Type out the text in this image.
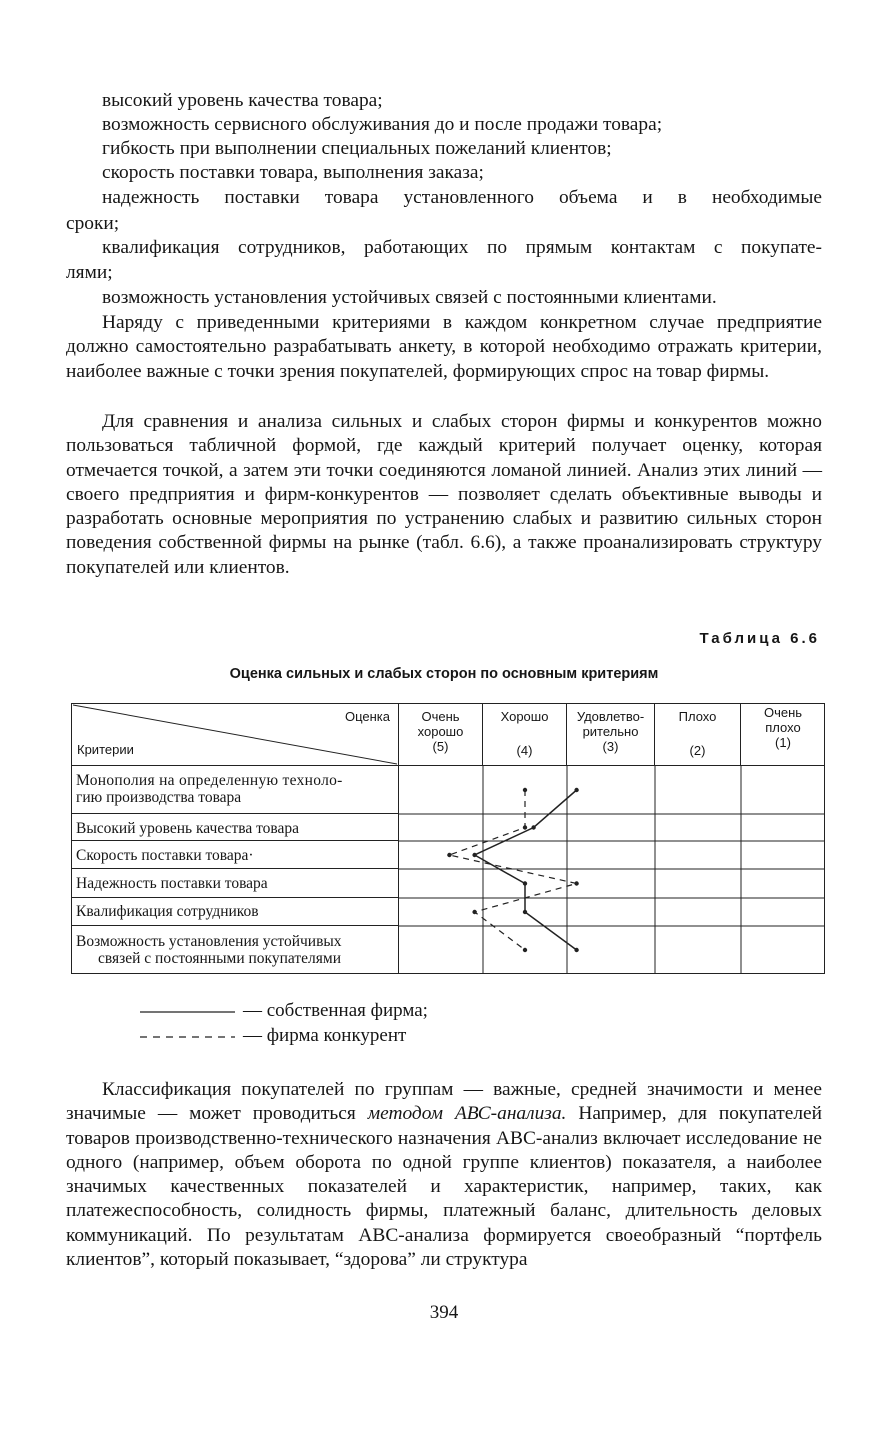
высокий уровень качества товара;

возможность сервисного обслуживания до и после продажи товара;

гибкость при выполнении специальных пожеланий клиентов;

скорость поставки товара, выполнения заказа;

надежность поставки товара установленного объема и в необходимые

сроки;

квалификация сотрудников, работающих по прямым контактам с покупате-

лями;

возможность установления устойчивых связей с постоянными клиентами.

Наряду с приведенными критериями в каждом конкретном случае предприятие должно самостоятельно разрабатывать анкету, в которой необходимо отражать критерии, наиболее важные с точки зрения покупателей, формирующих спрос на товар фирмы.

Для сравнения и анализа сильных и слабых сторон фирмы и конкурентов можно пользоваться табличной формой, где каждый критерий получает оценку, которая отмечается точкой, а затем эти точки соединяются ломаной линией. Анализ этих линий — своего предприятия и фирм-конкурентов — позволяет сделать объективные выводы и разработать основные мероприятия по устранению слабых и развитию сильных сторон поведения собственной фирмы на рынке (табл. 6.6), а также проанализировать структуру покупателей или клиентов.

Таблица 6.6
Оценка сильных и слабых сторон по основным критериям
Оценка
Критерии
Очень
хорошо
(5)
Хорошо
(4)
Удовлетво-
рительно
(3)
Плохо
(2)
Очень
плохо
(1)
Монополия на определенную техноло-
гию производства товара
Высокий уровень качества товара
Скорость поставки товара·
Надежность поставки товара
Квалификация сотрудников
Возможность установления устойчивых
связей с постоянными покупателями
— собственная фирма;
— фирма конкурент

Классификация покупателей по группам — важные, средней значимости и менее значимые — может проводиться методом АВС-анализа. Например, для покупателей товаров производственно-технического назначения АВС-анализ включает исследование не одного (например, объем оборота по одной группе клиентов) показателя, а наиболее значимых качественных показателей и характеристик, например, таких, как платежеспособность, солидность фирмы, платежный баланс, длительность деловых коммуникаций. По результатам АВС-анализа формируется своеобразный “портфель клиентов”, который показывает, “здорова” ли структура

394
